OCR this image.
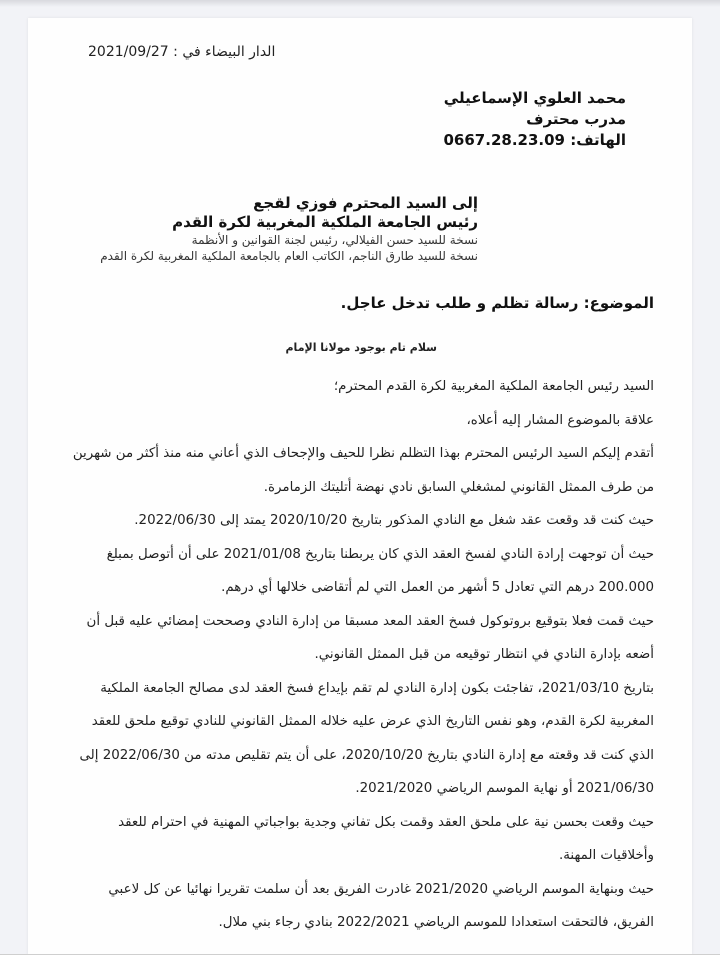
الدار البيضاء في : 2021/09/27
محمد العلوي الإسماعيلي
مدرب محترف
الهاتف: 0667.28.23.09
إلى السيد المحترم فوزي لقجع
رئيس الجامعة الملكية المغربية لكرة القدم
نسخة للسيد حسن الفيلالي، رئيس لجنة القوانين و الأنظمة
نسخة للسيد طارق الناجم، الكاتب العام بالجامعة الملكية المغربية لكرة القدم
الموضوع: رسالة تظلم و طلب تدخل عاجل.
سلام تام بوجود مولانا الإمام

السيد رئيس الجامعة الملكية المغربية لكرة القدم المحترم؛

علاقة بالموضوع المشار إليه أعلاه،

أتقدم إليكم السيد الرئيس المحترم بهذا التظلم نظرا للحيف والإجحاف الذي أعاني منه منذ أكثر من شهرين من طرف الممثل القانوني لمشغلي السابق نادي نهضة أتليتك الزمامرة.

حيث كنت قد وقعت عقد شغل مع النادي المذكور بتاريخ 2020/10/20 يمتد إلى 2022/06/30.

حيث أن توجهت إرادة النادي لفسخ العقد الذي كان يربطنا بتاريخ 2021/01/08 على أن أتوصل بمبلغ 200.000 درهم التي تعادل 5 أشهر من العمل التي لم أتقاضى خلالها أي درهم.

حيث قمت فعلا بتوقيع بروتوكول فسخ العقد المعد مسبقا من إدارة النادي وصححت إمضائي عليه قبل أن أضعه بإدارة النادي في انتظار توقيعه من قبل الممثل القانوني.

بتاريخ 2021/03/10، تفاجئت بكون إدارة النادي لم تقم بإيداع فسخ العقد لدى مصالح الجامعة الملكية المغربية لكرة القدم، وهو نفس التاريخ الذي عرض عليه خلاله الممثل القانوني للنادي توقيع ملحق للعقد الذي كنت قد وقعته مع إدارة النادي بتاريخ 2020/10/20، على أن يتم تقليص مدته من 2022/06/30 إلى 2021/06/30 أو نهاية الموسم الرياضي 2021/2020.

حيث وقعت بحسن نية على ملحق العقد وقمت بكل تفاني وجدية بواجباتي المهنية في احترام للعقد وأخلاقيات المهنة.

حيث وبنهاية الموسم الرياضي 2021/2020 غادرت الفريق بعد أن سلمت تقريرا نهائيا عن كل لاعبي الفريق، فالتحقت استعدادا للموسم الرياضي 2022/2021 بنادي رجاء بني ملال.
